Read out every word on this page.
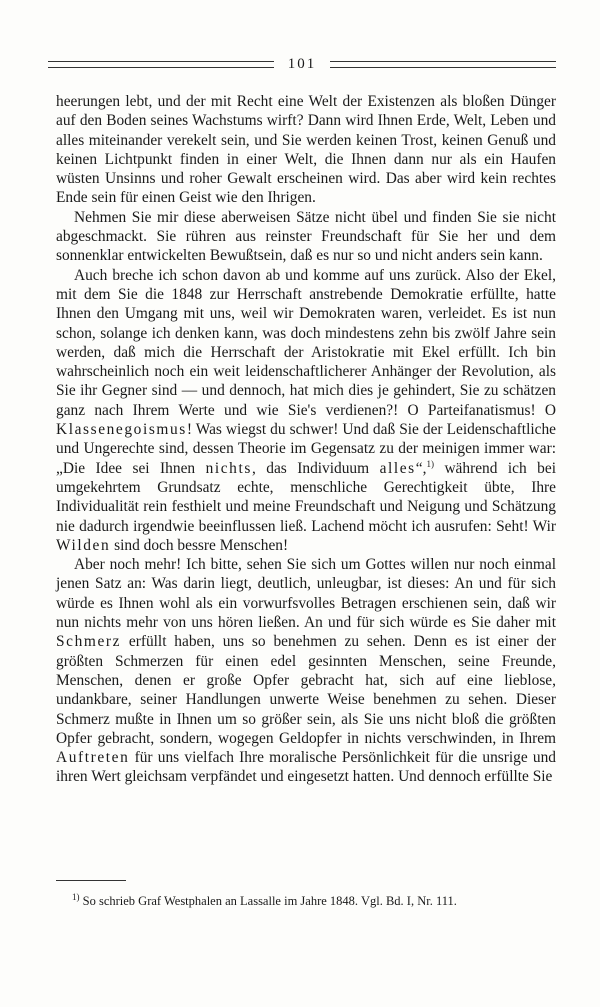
101

heerungen lebt, und der mit Recht eine Welt der Existenzen als bloßen Dünger auf den Boden seines Wachstums wirft? Dann wird Ihnen Erde, Welt, Leben und alles miteinander verekelt sein, und Sie werden keinen Trost, keinen Genuß und keinen Lichtpunkt finden in einer Welt, die Ihnen dann nur als ein Haufen wüsten Unsinns und roher Gewalt erscheinen wird. Das aber wird kein rechtes Ende sein für einen Geist wie den Ihrigen.

Nehmen Sie mir diese aberweisen Sätze nicht übel und finden Sie sie nicht abgeschmackt. Sie rühren aus reinster Freundschaft für Sie her und dem sonnenklar entwickelten Bewußtsein, daß es nur so und nicht anders sein kann.

Auch breche ich schon davon ab und komme auf uns zurück. Also der Ekel, mit dem Sie die 1848 zur Herrschaft anstrebende Demokratie erfüllte, hatte Ihnen den Umgang mit uns, weil wir Demokraten waren, verleidet. Es ist nun schon, solange ich denken kann, was doch mindestens zehn bis zwölf Jahre sein werden, daß mich die Herrschaft der Aristokratie mit Ekel erfüllt. Ich bin wahrscheinlich noch ein weit leidenschaftlicherer Anhänger der Revolution, als Sie ihr Gegner sind — und dennoch, hat mich dies je gehindert, Sie zu schätzen ganz nach Ihrem Werte und wie Sie's verdienen?! O Parteifanatismus! O Klassenegoismus! Was wiegst du schwer! Und daß Sie der Leidenschaftliche und Ungerechte sind, dessen Theorie im Gegensatz zu der meinigen immer war: „Die Idee sei Ihnen nichts, das Individuum alles“,$^{1)}$ während ich bei umgekehrtem Grundsatz echte, menschliche Gerechtigkeit übte, Ihre Individualität rein festhielt und meine Freundschaft und Neigung und Schätzung nie dadurch irgendwie beeinflussen ließ. Lachend möcht ich ausrufen: Seht! Wir Wilden sind doch bessre Menschen!

Aber noch mehr! Ich bitte, sehen Sie sich um Gottes willen nur noch einmal jenen Satz an: Was darin liegt, deutlich, unleugbar, ist dieses: An und für sich würde es Ihnen wohl als ein vorwurfsvolles Betragen erschienen sein, daß wir nun nichts mehr von uns hören ließen. An und für sich würde es Sie daher mit Schmerz erfüllt haben, uns so benehmen zu sehen. Denn es ist einer der größten Schmerzen für einen edel gesinnten Menschen, seine Freunde, Menschen, denen er große Opfer gebracht hat, sich auf eine lieblose, undankbare, seiner Handlungen unwerte Weise benehmen zu sehen. Dieser Schmerz mußte in Ihnen um so größer sein, als Sie uns nicht bloß die größten Opfer gebracht, sondern, wogegen Geldopfer in nichts verschwinden, in Ihrem Auftreten für uns vielfach Ihre moralische Persönlichkeit für die unsrige und ihren Wert gleichsam verpfändet und eingesetzt hatten. Und dennoch erfüllte Sie

$^{1)}$ So schrieb Graf Westphalen an Lassalle im Jahre 1848. Vgl. Bd. I, Nr. 111.
